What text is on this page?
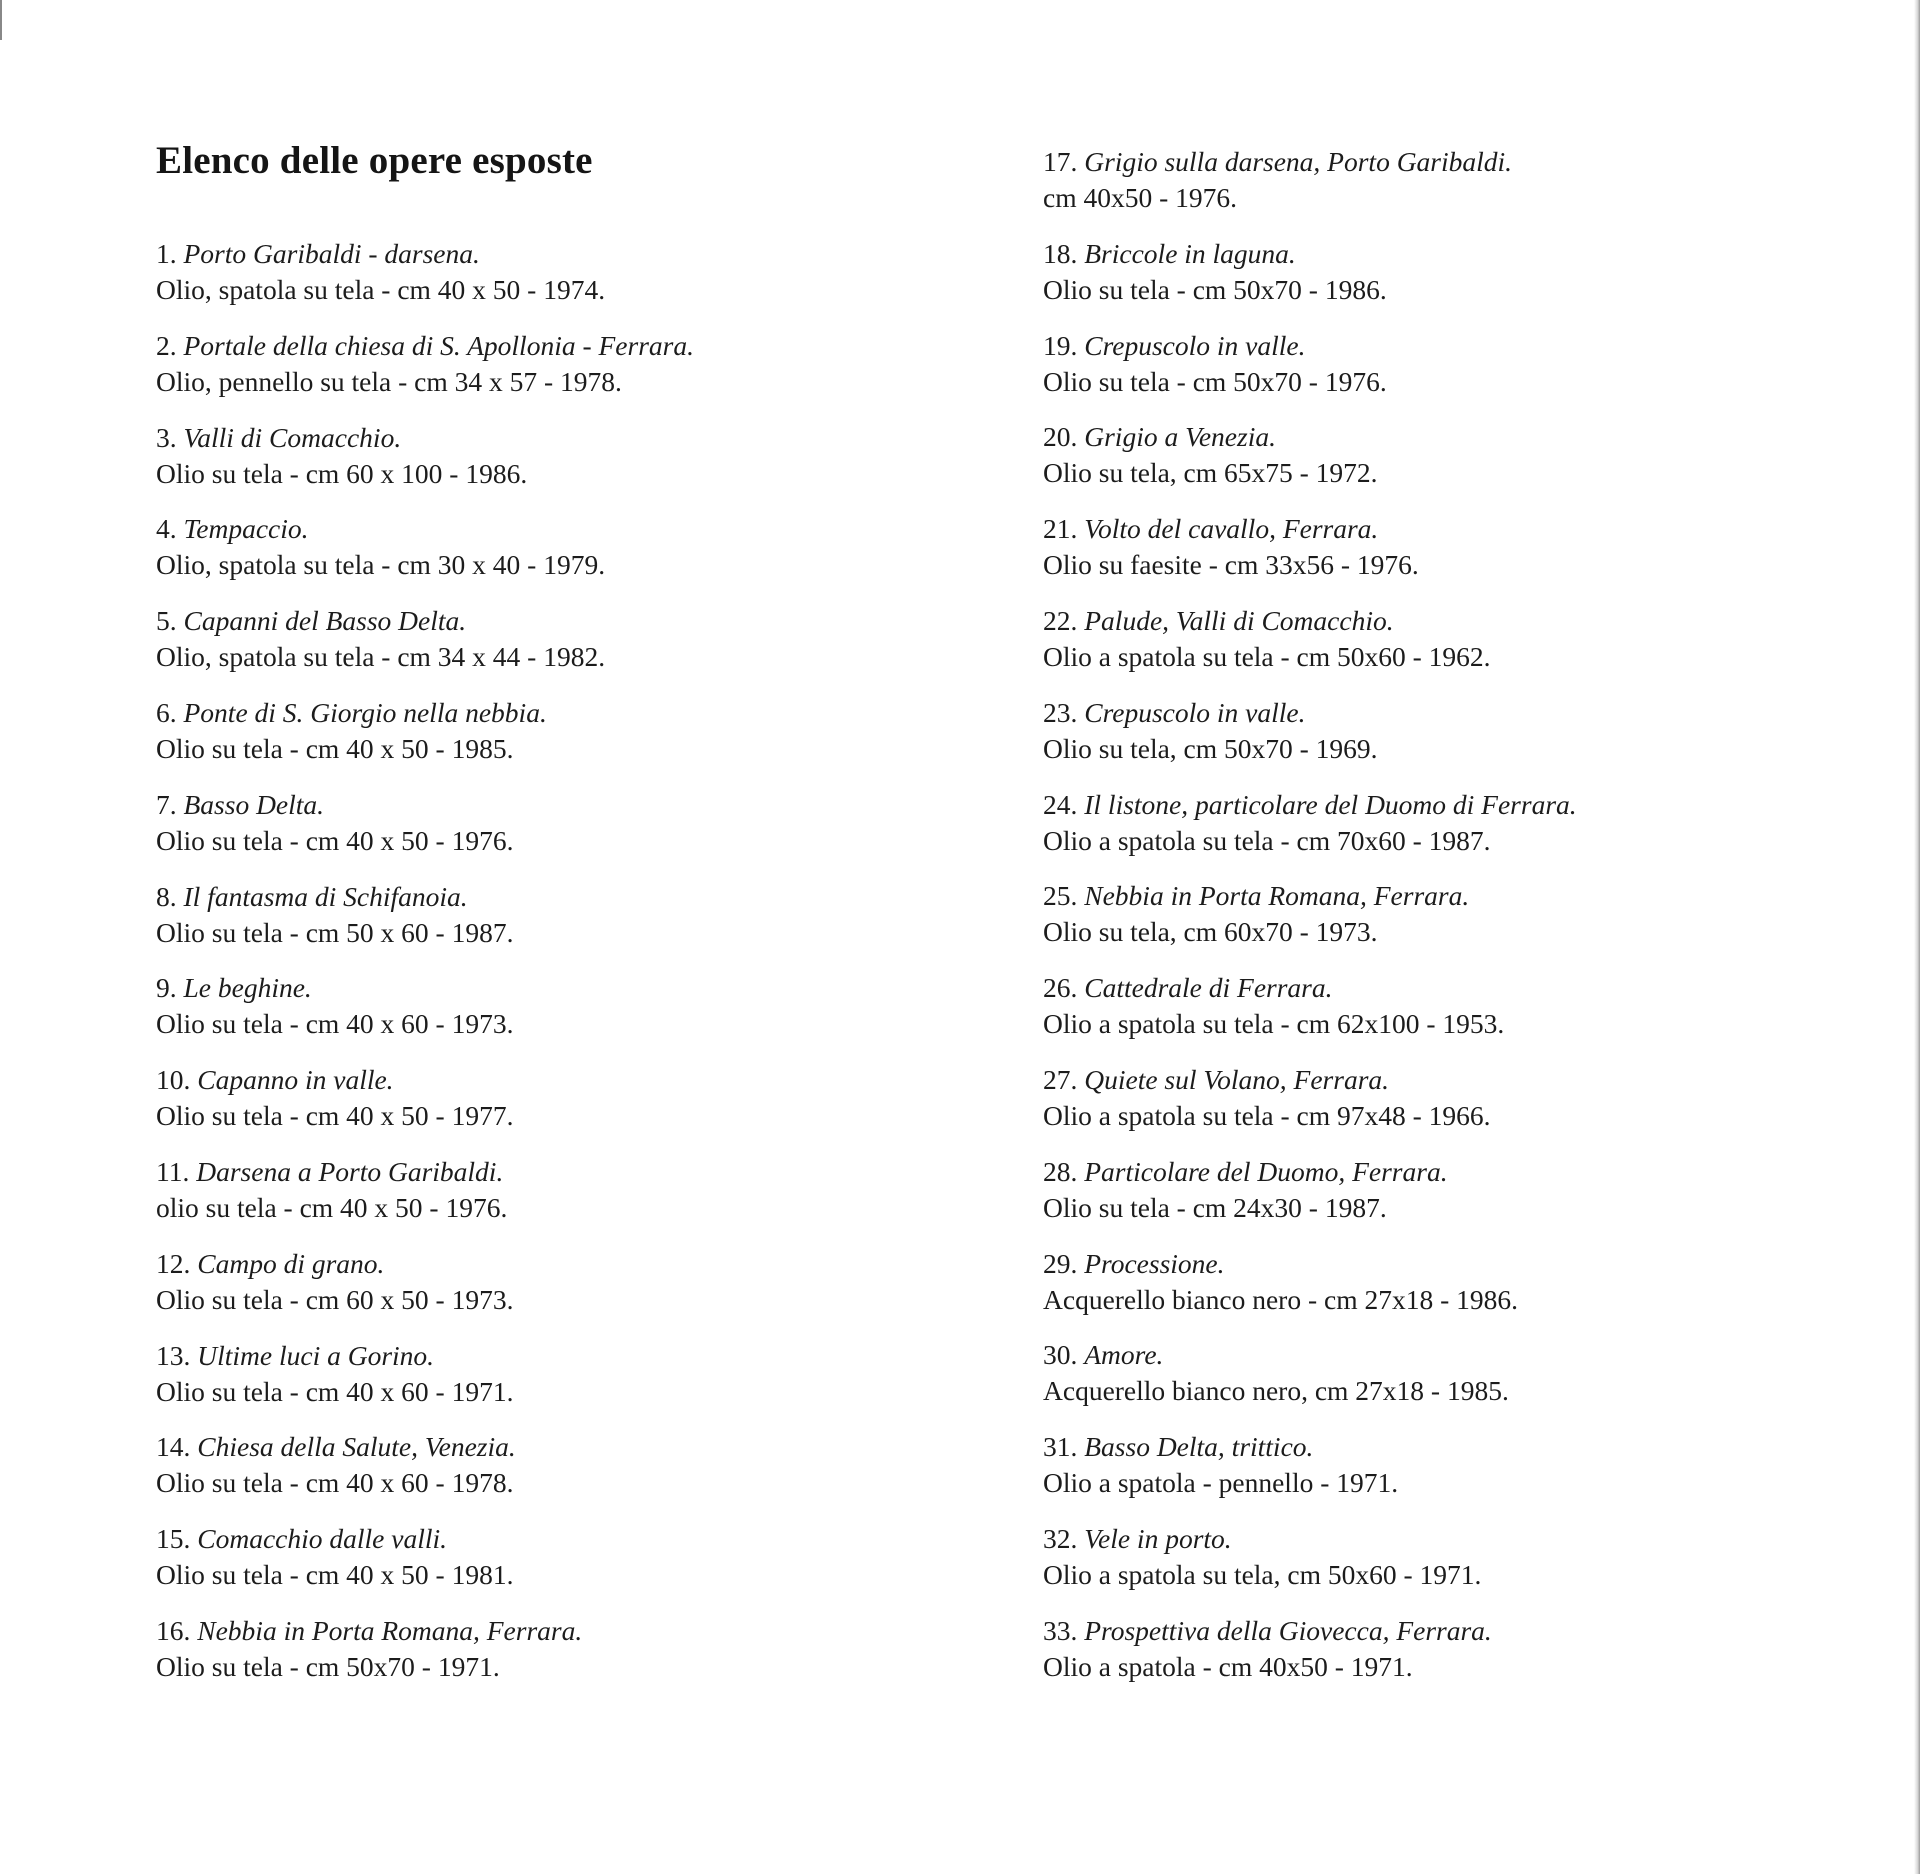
Elenco delle opere esposte
1. Porto Garibaldi - darsena.
Olio, spatola su tela - cm 40 x 50 - 1974.
2. Portale della chiesa di S. Apollonia - Ferrara.
Olio, pennello su tela - cm 34 x 57 - 1978.
3. Valli di Comacchio.
Olio su tela - cm 60 x 100 - 1986.
4. Tempaccio.
Olio, spatola su tela - cm 30 x 40 - 1979.
5. Capanni del Basso Delta.
Olio, spatola su tela - cm 34 x 44 - 1982.
6. Ponte di S. Giorgio nella nebbia.
Olio su tela - cm 40 x 50 - 1985.
7. Basso Delta.
Olio su tela - cm 40 x 50 - 1976.
8. Il fantasma di Schifanoia.
Olio su tela - cm 50 x 60 - 1987.
9. Le beghine.
Olio su tela - cm 40 x 60 - 1973.
10. Capanno in valle.
Olio su tela - cm 40 x 50 - 1977.
11. Darsena a Porto Garibaldi.
olio su tela - cm 40 x 50 - 1976.
12. Campo di grano.
Olio su tela - cm 60 x 50 - 1973.
13. Ultime luci a Gorino.
Olio su tela - cm 40 x 60 - 1971.
14. Chiesa della Salute, Venezia.
Olio su tela - cm 40 x 60 - 1978.
15. Comacchio dalle valli.
Olio su tela - cm 40 x 50 - 1981.
16. Nebbia in Porta Romana, Ferrara.
Olio su tela - cm 50x70 - 1971.
17. Grigio sulla darsena, Porto Garibaldi.
cm 40x50 - 1976.
18. Briccole in laguna.
Olio su tela - cm 50x70 - 1986.
19. Crepuscolo in valle.
Olio su tela - cm 50x70 - 1976.
20. Grigio a Venezia.
Olio su tela, cm 65x75 - 1972.
21. Volto del cavallo, Ferrara.
Olio su faesite - cm 33x56 - 1976.
22. Palude, Valli di Comacchio.
Olio a spatola su tela - cm 50x60 - 1962.
23. Crepuscolo in valle.
Olio su tela, cm 50x70 - 1969.
24. Il listone, particolare del Duomo di Ferrara.
Olio a spatola su tela - cm 70x60 - 1987.
25. Nebbia in Porta Romana, Ferrara.
Olio su tela, cm 60x70 - 1973.
26. Cattedrale di Ferrara.
Olio a spatola su tela - cm 62x100 - 1953.
27. Quiete sul Volano, Ferrara.
Olio a spatola su tela - cm 97x48 - 1966.
28. Particolare del Duomo, Ferrara.
Olio su tela - cm 24x30 - 1987.
29. Processione.
Acquerello bianco nero - cm 27x18 - 1986.
30. Amore.
Acquerello bianco nero, cm 27x18 - 1985.
31. Basso Delta, trittico.
Olio a spatola - pennello - 1971.
32. Vele in porto.
Olio a spatola su tela, cm 50x60 - 1971.
33. Prospettiva della Giovecca, Ferrara.
Olio a spatola - cm 40x50 - 1971.
